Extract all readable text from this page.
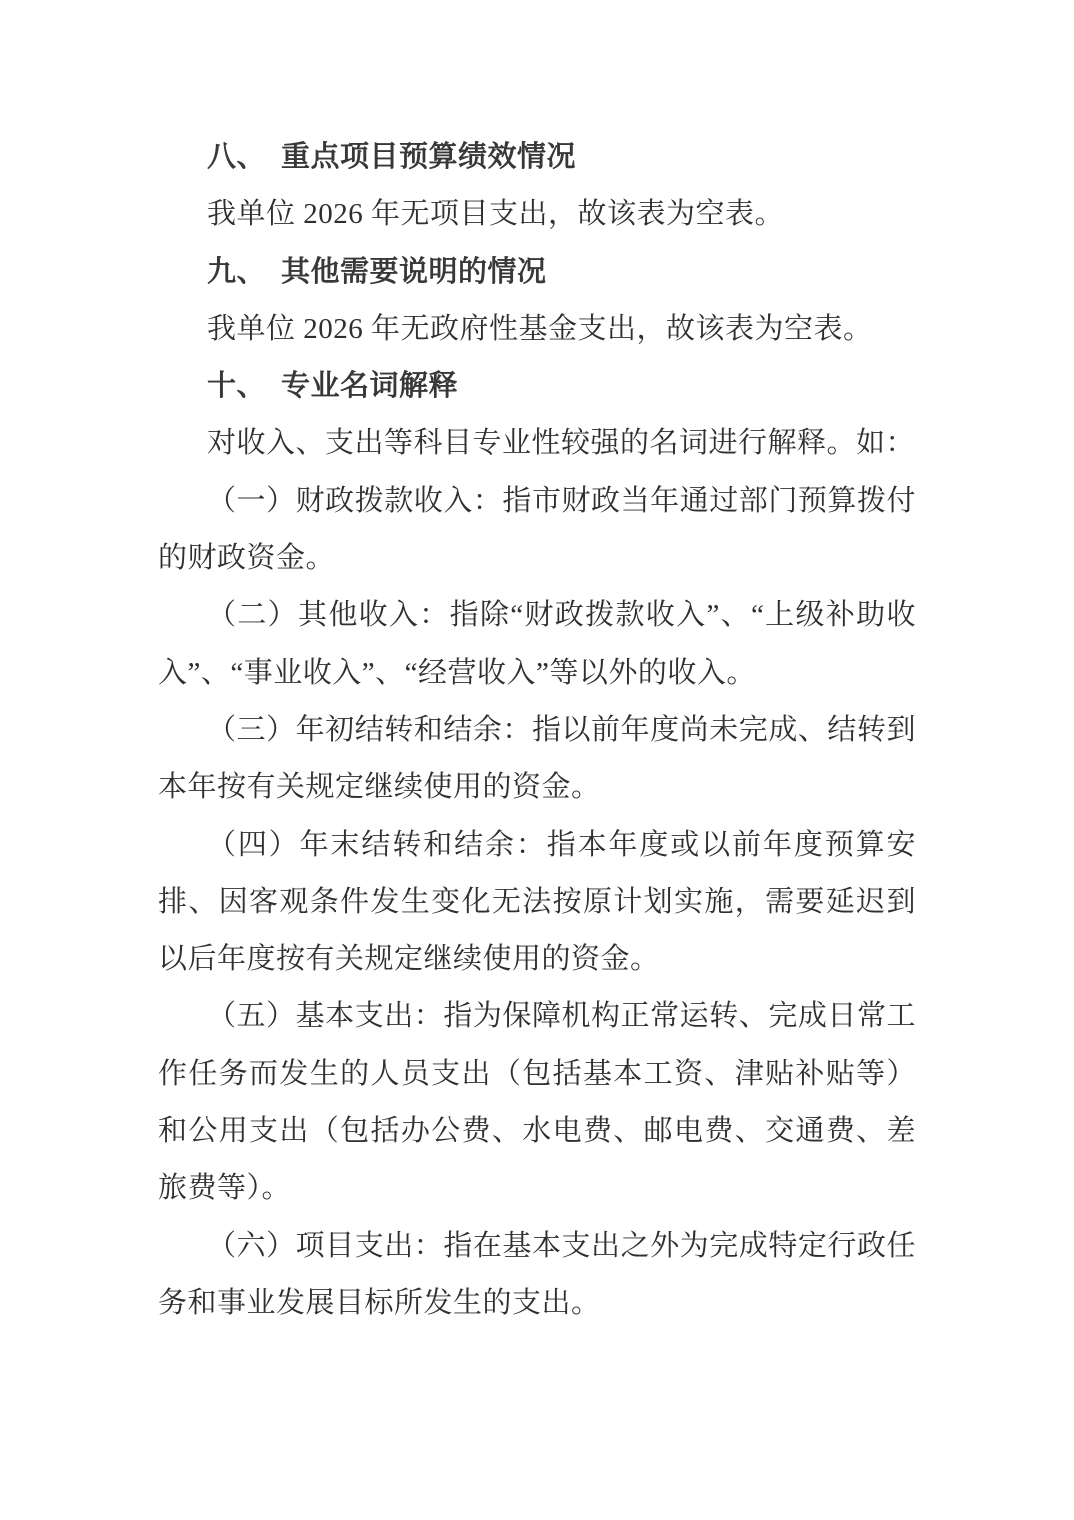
八、 重点项目预算绩效情况

我单位 2026 年无项目支出，故该表为空表。

九、 其他需要说明的情况

我单位 2026 年无政府性基金支出，故该表为空表。

十、 专业名词解释

对收入、支出等科目专业性较强的名词进行解释。如：

（一）财政拨款收入：指市财政当年通过部门预算拨付的财政资金。

（二）其他收入：指除“财政拨款收入”、“上级补助收入”、“事业收入”、“经营收入”等以外的收入。

（三）年初结转和结余：指以前年度尚未完成、结转到本年按有关规定继续使用的资金。

（四）年末结转和结余：指本年度或以前年度预算安排、因客观条件发生变化无法按原计划实施，需要延迟到以后年度按有关规定继续使用的资金。

（五）基本支出：指为保障机构正常运转、完成日常工作任务而发生的人员支出（包括基本工资、津贴补贴等）和公用支出（包括办公费、水电费、邮电费、交通费、差旅费等）。

（六）项目支出：指在基本支出之外为完成特定行政任务和事业发展目标所发生的支出。
